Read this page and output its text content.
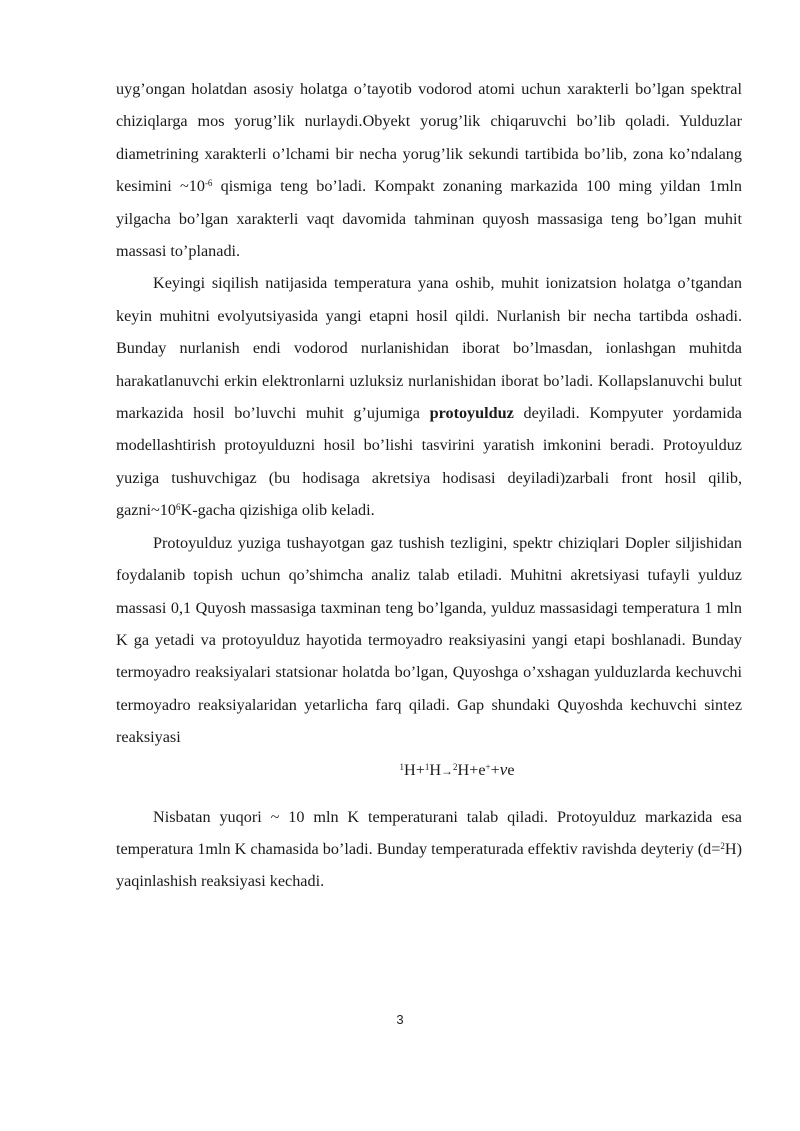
uyg’ongan holatdan asosiy holatga o’tayotib vodorod atomi uchun xarakterli bo’lgan spektral chiziqlarga mos yorug’lik nurlaydi.Obyekt yorug’lik chiqaruvchi bo’lib qoladi. Yulduzlar diametrining xarakterli o’lchami bir necha yorug’lik sekundi tartibida bo’lib, zona ko’ndalang kesimini $\sim 10^{-6}$ qismiga teng bo’ladi. Kompakt zonaning markazida 100 ming yildan 1mln yilgacha bo’lgan xarakterli vaqt davomida tahminan quyosh massasiga teng bo’lgan muhit massasi to’planadi.

Keyingi siqilish natijasida temperatura yana oshib, muhit ionizatsion holatga o’tgandan keyin muhitni evolyutsiyasida yangi etapni hosil qildi. Nurlanish bir necha tartibda oshadi. Bunday nurlanish endi vodorod nurlanishidan iborat bo’lmasdan, ionlashgan muhitda harakatlanuvchi erkin elektronlarni uzluksiz nurlanishidan iborat bo’ladi. Kollapslanuvchi bulut markazida hosil bo’luvchi muhit g’ujumiga protoyulduz deyiladi. Kompyuter yordamida modellashtirish protoyulduzni hosil bo’lishi tasvirini yaratish imkonini beradi. Protoyulduz yuziga tushuvchigaz (bu hodisaga akretsiya hodisasi deyiladi)zarbali front hosil qilib, $gazni\sim 10^6K$-gacha qizishiga olib keladi.

Protoyulduz yuziga tushayotgan gaz tushish tezligini, spektr chiziqlari Dopler siljishidan foydalanib topish uchun qo’shimcha analiz talab etiladi. Muhitni akretsiyasi tufayli yulduz massasi 0,1 Quyosh massasiga taxminan teng bo’lganda, yulduz massasidagi temperatura 1 mln K ga yetadi va protoyulduz hayotida termoyadro reaksiyasini yangi etapi boshlanadi. Bunday termoyadro reaksiyalari statsionar holatda bo’lgan, Quyoshga o’xshagan yulduzlarda kechuvchi termoyadro reaksiyalaridan yetarlicha farq qiladi. Gap shundaki Quyoshda kechuvchi sintez reaksiyasi

$^1$H+$^1$H→$^2$H+e++νe

Nisbatan yuqori ~ 10 mln K temperaturani talab qiladi. Protoyulduz markazida esa temperatura 1mln K chamasida bo’ladi. Bunday temperaturada effektiv ravishda deyteriy (d=$^2$H) yaqinlashish reaksiyasi kechadi.

3
